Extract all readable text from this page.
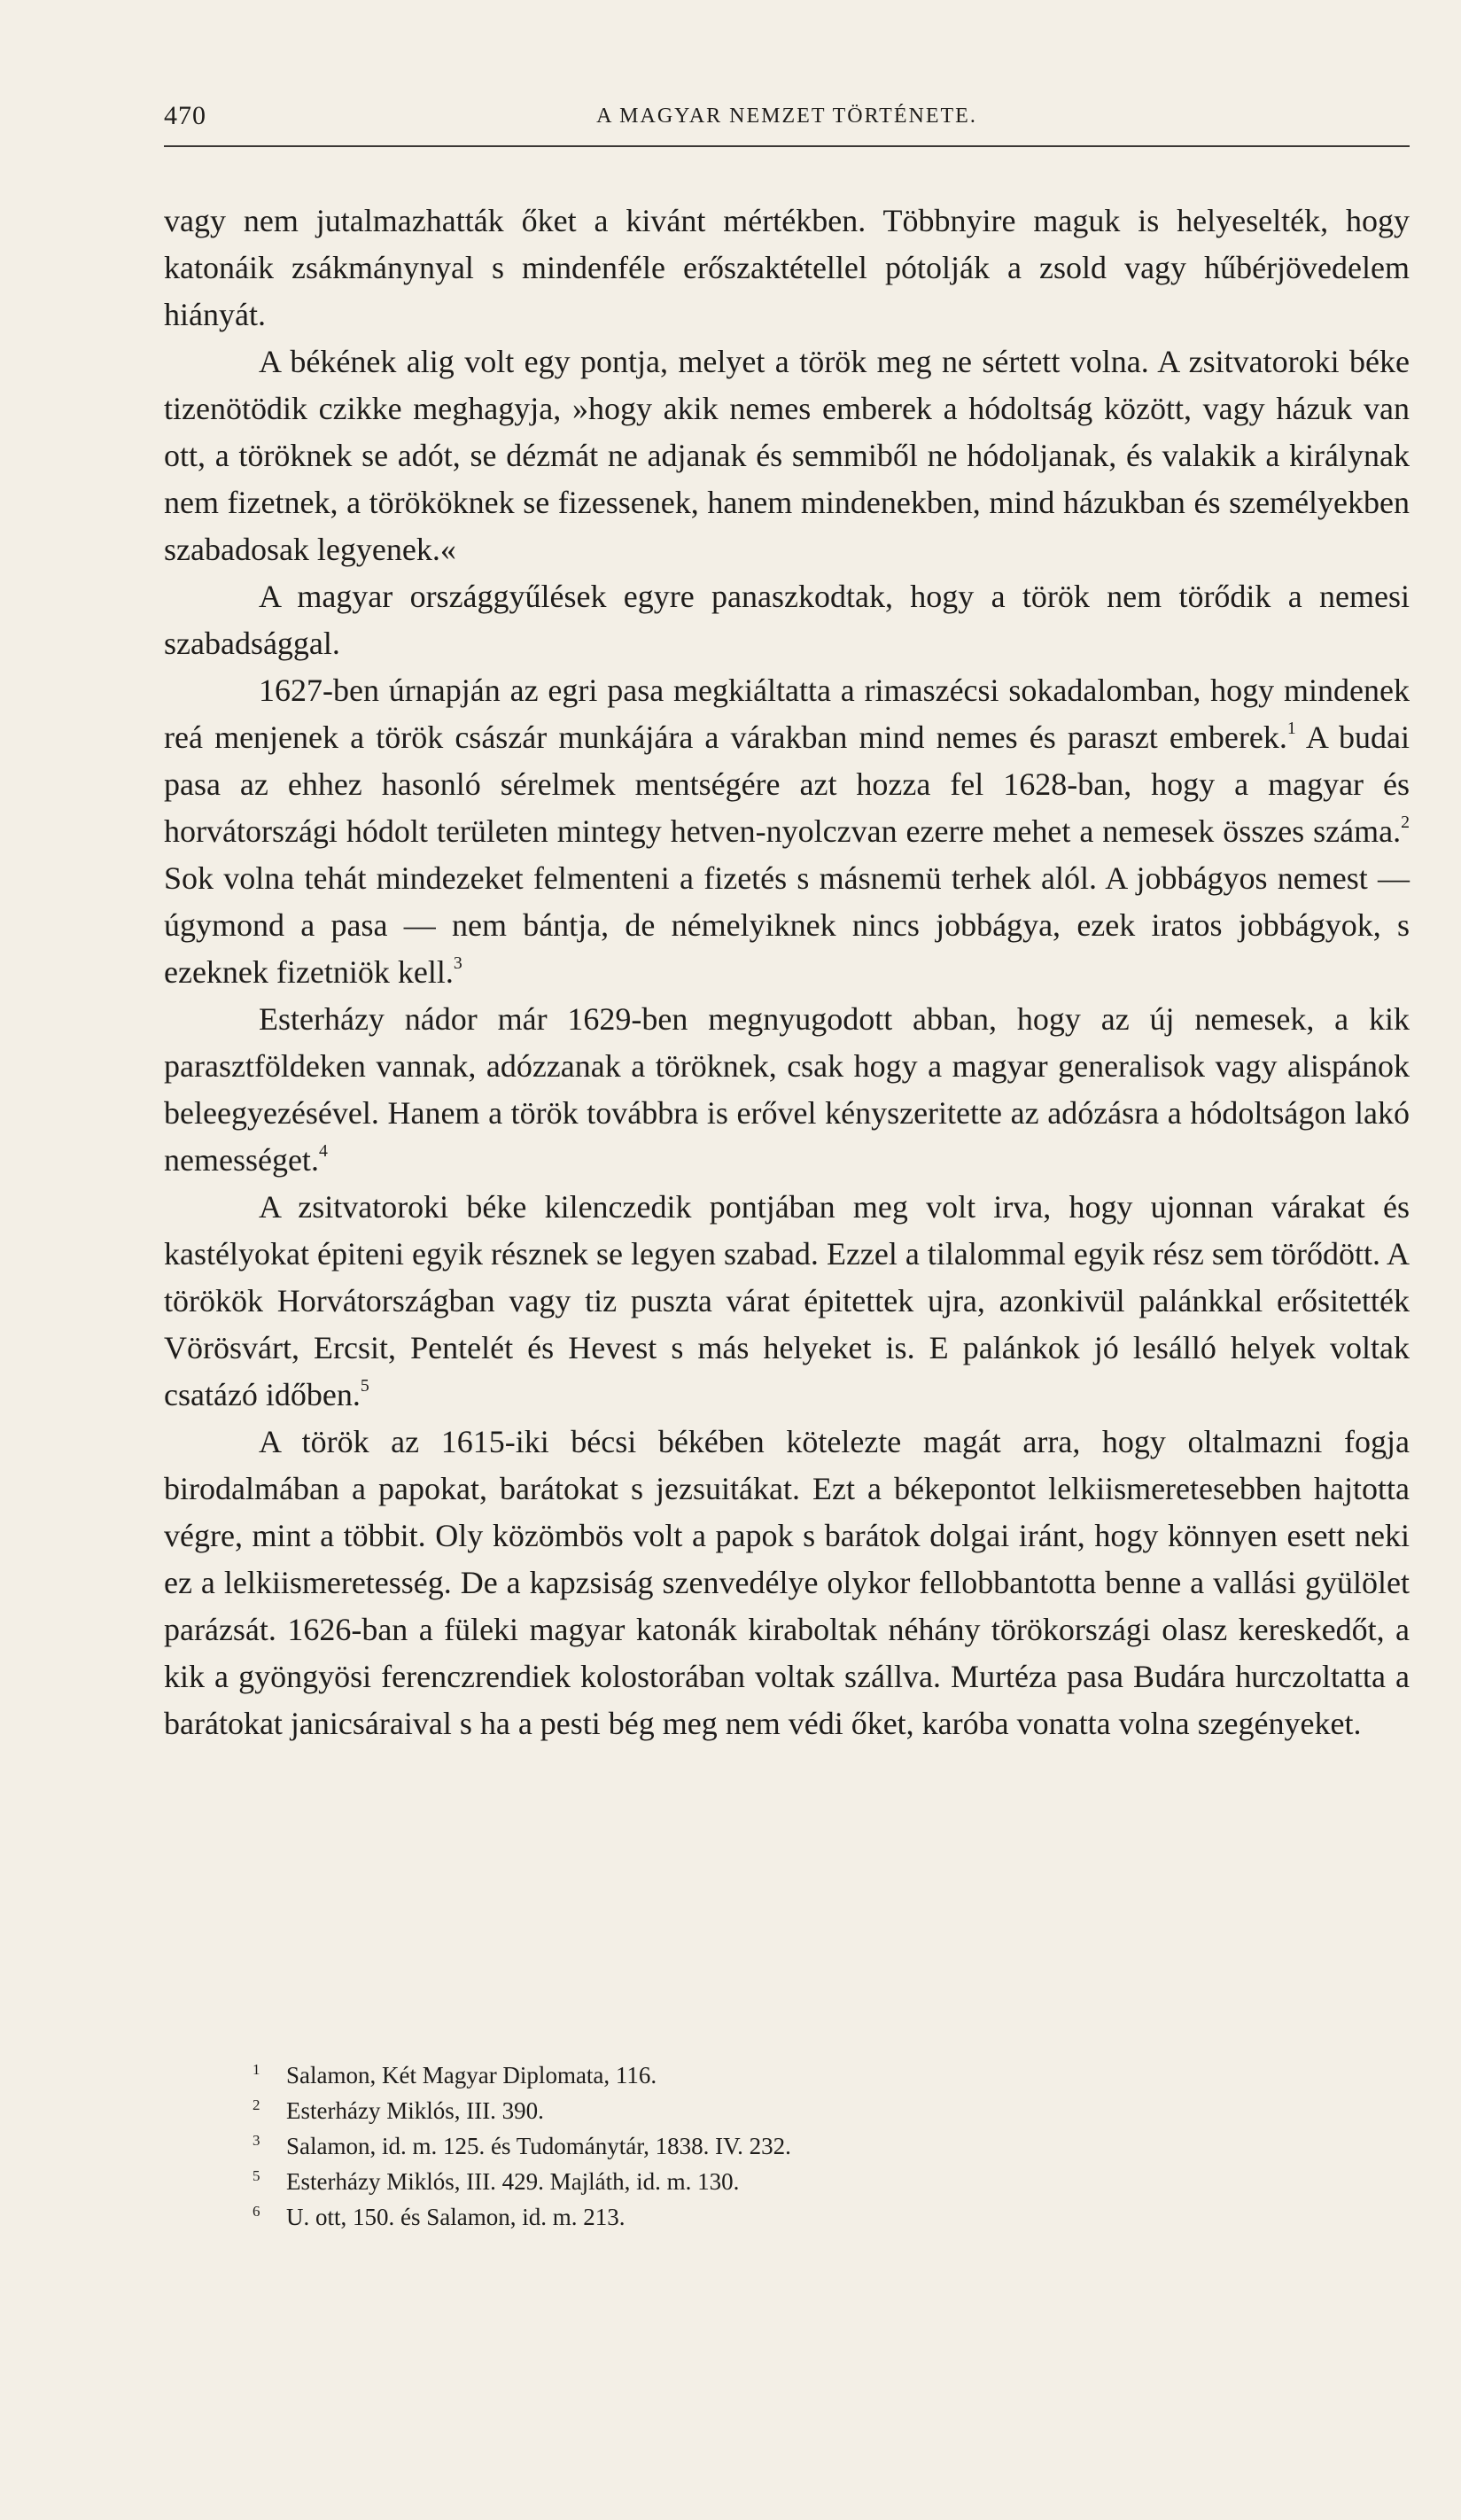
470	A MAGYAR NEMZET TÖRTÉNETE.

vagy nem jutalmazhatták őket a kivánt mértékben. Többnyire maguk is helyeselték, hogy katonáik zsákmánynyal s mindenféle erőszaktétellel pótolják a zsold vagy hűbérjövedelem hiányát.

A békének alig volt egy pontja, melyet a török meg ne sértett volna. A zsitvatoroki béke tizenötödik czikke meghagyja, »hogy akik nemes emberek a hódoltság között, vagy házuk van ott, a töröknek se adót, se dézmát ne adjanak és semmiből ne hódoljanak, és valakik a királynak nem fizetnek, a törököknek se fizessenek, hanem mindenekben, mind házukban és személyekben szabadosak legyenek.«

A magyar országgyűlések egyre panaszkodtak, hogy a török nem törődik a nemesi szabadsággal.

1627-ben úrnapján az egri pasa megkiáltatta a rimaszécsi sokadalomban, hogy mindenek reá menjenek a török császár munkájára a várakban mind nemes és paraszt emberek.$^1$ A budai pasa az ehhez hasonló sérelmek mentségére azt hozza fel 1628-ban, hogy a magyar és horvátországi hódolt területen mintegy hetven-nyolczvan ezerre mehet a nemesek összes száma.$^2$ Sok volna tehát mindezeket felmenteni a fizetés s másnemü terhek alól. A jobbágyos nemest — úgymond a pasa — nem bántja, de némelyiknek nincs jobbágya, ezek iratos jobbágyok, s ezeknek fizetniök kell.$^3$

Esterházy nádor már 1629-ben megnyugodott abban, hogy az új nemesek, a kik parasztföldeken vannak, adózzanak a töröknek, csak hogy a magyar generalisok vagy alispánok beleegyezésével. Hanem a török továbbra is erővel kényszeritette az adózásra a hódoltságon lakó nemességet.$^4$

A zsitvatoroki béke kilenczedik pontjában meg volt irva, hogy ujonnan várakat és kastélyokat épiteni egyik résznek se legyen szabad. Ezzel a tilalommal egyik rész sem törődött. A törökök Horvátországban vagy tiz puszta várat épitettek ujra, azonkivül palánkkal erősitették Vörösvárt, Ercsit, Pentelét és Hevest s más helyeket is. E palánkok jó lesálló helyek voltak csatázó időben.$^5$

A török az 1615-iki bécsi békében kötelezte magát arra, hogy oltalmazni fogja birodalmában a papokat, barátokat s jezsuitákat. Ezt a békepontot lelkiismeretesebben hajtotta végre, mint a többit. Oly közömbös volt a papok s barátok dolgai iránt, hogy könnyen esett neki ez a lelkiismeretesség. De a kapzsiság szenvedélye olykor fellobbantotta benne a vallási gyülölet parázsát. 1626-ban a füleki magyar katonák kiraboltak néhány törökországi olasz kereskedőt, a kik a gyöngyösi ferenczrendiek kolostorában voltak szállva. Murtéza pasa Budára hurczoltatta a barátokat janicsáraival s ha a pesti bég meg nem védi őket, karóba vonatta volna szegényeket.

1 Salamon, Két Magyar Diplomata, 116.
2 Esterházy Miklós, III. 390.
3 Salamon, id. m. 125. és Tudománytár, 1838. IV. 232.
5 Esterházy Miklós, III. 429. Majláth, id. m. 130.
6 U. ott, 150. és Salamon, id. m. 213.
